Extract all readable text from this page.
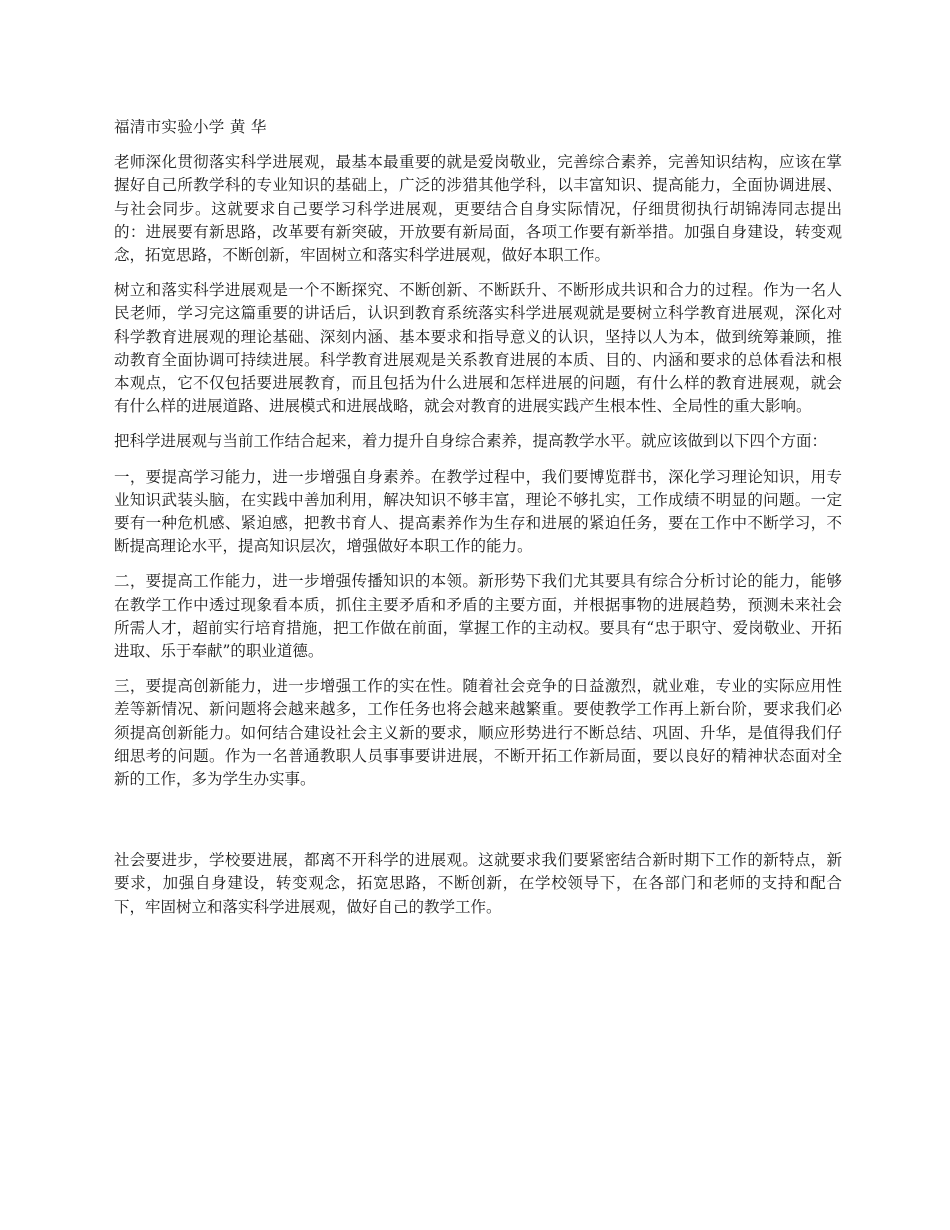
福清市实验小学 黄 华

老师深化贯彻落实科学进展观，最基本最重要的就是爱岗敬业，完善综合素养，完善知识结构，应该在掌握好自己所教学科的专业知识的基础上，广泛的涉猎其他学科，以丰富知识、提高能力，全面协调进展、与社会同步。这就要求自己要学习科学进展观，更要结合自身实际情况，仔细贯彻执行胡锦涛同志提出的：进展要有新思路，改革要有新突破，开放要有新局面，各项工作要有新举措。加强自身建设，转变观念，拓宽思路，不断创新，牢固树立和落实科学进展观，做好本职工作。

树立和落实科学进展观是一个不断探究、不断创新、不断跃升、不断形成共识和合力的过程。作为一名人民老师，学习完这篇重要的讲话后，认识到教育系统落实科学进展观就是要树立科学教育进展观，深化对科学教育进展观的理论基础、深刻内涵、基本要求和指导意义的认识，坚持以人为本，做到统筹兼顾，推动教育全面协调可持续进展。科学教育进展观是关系教育进展的本质、目的、内涵和要求的总体看法和根本观点，它不仅包括要进展教育，而且包括为什么进展和怎样进展的问题，有什么样的教育进展观，就会有什么样的进展道路、进展模式和进展战略，就会对教育的进展实践产生根本性、全局性的重大影响。

把科学进展观与当前工作结合起来，着力提升自身综合素养，提高教学水平。就应该做到以下四个方面：

一，要提高学习能力，进一步增强自身素养。在教学过程中，我们要博览群书，深化学习理论知识，用专业知识武装头脑，在实践中善加利用，解决知识不够丰富，理论不够扎实，工作成绩不明显的问题。一定要有一种危机感、紧迫感，把教书育人、提高素养作为生存和进展的紧迫任务，要在工作中不断学习，不断提高理论水平，提高知识层次，增强做好本职工作的能力。

二，要提高工作能力，进一步增强传播知识的本领。新形势下我们尤其要具有综合分析讨论的能力，能够在教学工作中透过现象看本质，抓住主要矛盾和矛盾的主要方面，并根据事物的进展趋势，预测未来社会所需人才，超前实行培育措施，把工作做在前面，掌握工作的主动权。要具有“忠于职守、爱岗敬业、开拓进取、乐于奉献”的职业道德。

三，要提高创新能力，进一步增强工作的实在性。随着社会竞争的日益激烈，就业难，专业的实际应用性差等新情况、新问题将会越来越多，工作任务也将会越来越繁重。要使教学工作再上新台阶，要求我们必须提高创新能力。如何结合建设社会主义新的要求，顺应形势进行不断总结、巩固、升华，是值得我们仔细思考的问题。作为一名普通教职人员事事要讲进展，不断开拓工作新局面，要以良好的精神状态面对全新的工作，多为学生办实事。

社会要进步，学校要进展，都离不开科学的进展观。这就要求我们要紧密结合新时期下工作的新特点，新要求，加强自身建设，转变观念，拓宽思路，不断创新，在学校领导下，在各部门和老师的支持和配合下，牢固树立和落实科学进展观，做好自己的教学工作。
